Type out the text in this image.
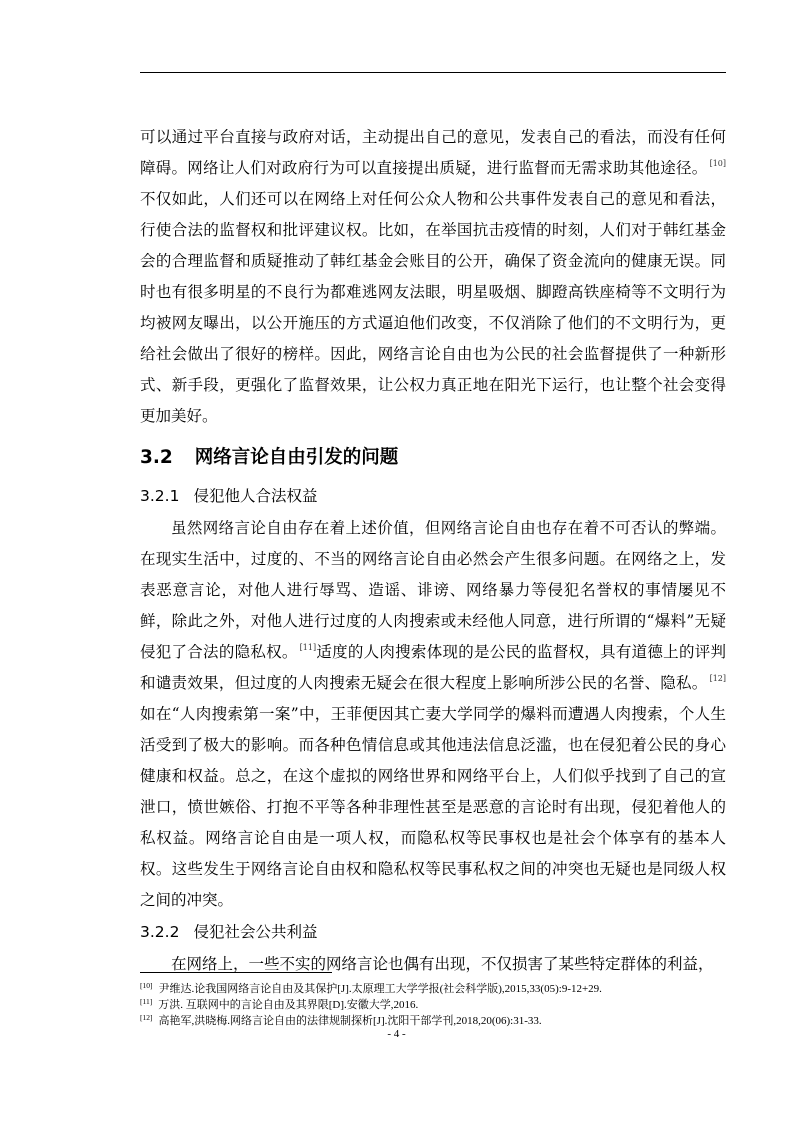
可以通过平台直接与政府对话，主动提出自己的意见，发表自己的看法，而没有任何障碍。网络让人们对政府行为可以直接提出质疑，进行监督而无需求助其他途径。 [10]不仅如此，人们还可以在网络上对任何公众人物和公共事件发表自己的意见和看法，行使合法的监督权和批评建议权。比如，在举国抗击疫情的时刻，人们对于韩红基金会的合理监督和质疑推动了韩红基金会账目的公开，确保了资金流向的健康无误。同时也有很多明星的不良行为都难逃网友法眼，明星吸烟、脚蹬高铁座椅等不文明行为均被网友曝出，以公开施压的方式逼迫他们改变，不仅消除了他们的不文明行为，更给社会做出了很好的榜样。因此，网络言论自由也为公民的社会监督提供了一种新形式、新手段，更强化了监督效果，让公权力真正地在阳光下运行，也让整个社会变得更加美好。

3.2 网络言论自由引发的问题
3.2.1 侵犯他人合法权益

虽然网络言论自由存在着上述价值，但网络言论自由也存在着不可否认的弊端。在现实生活中，过度的、不当的网络言论自由必然会产生很多问题。在网络之上，发表恶意言论，对他人进行辱骂、造谣、诽谤、网络暴力等侵犯名誉权的事情屡见不鲜，除此之外，对他人进行过度的人肉搜索或未经他人同意，进行所谓的“爆料”无疑侵犯了合法的隐私权。 [11]适度的人肉搜索体现的是公民的监督权，具有道德上的评判和谴责效果，但过度的人肉搜索无疑会在很大程度上影响所涉公民的名誉、隐私。 [12]如在“人肉搜索第一案”中，王菲便因其亡妻大学同学的爆料而遭遇人肉搜索，个人生活受到了极大的影响。而各种色情信息或其他违法信息泛滥，也在侵犯着公民的身心健康和权益。总之，在这个虚拟的网络世界和网络平台上，人们似乎找到了自己的宣泄口，愤世嫉俗、打抱不平等各种非理性甚至是恶意的言论时有出现，侵犯着他人的私权益。网络言论自由是一项人权，而隐私权等民事权也是社会个体享有的基本人权。这些发生于网络言论自由权和隐私权等民事私权之间的冲突也无疑也是同级人权之间的冲突。

3.2.2 侵犯社会公共利益

在网络上，一些不实的网络言论也偶有出现，不仅损害了某些特定群体的利益，

[10] 尹维达.论我国网络言论自由及其保护[J].太原理工大学学报(社会科学版),2015,33(05):9-12+29.

[11] 万洪. 互联网中的言论自由及其界限[D].安徽大学,2016.

[12] 高艳军,洪晓梅.网络言论自由的法律规制探析[J].沈阳干部学刊,2018,20(06):31-33.

- 4 -
